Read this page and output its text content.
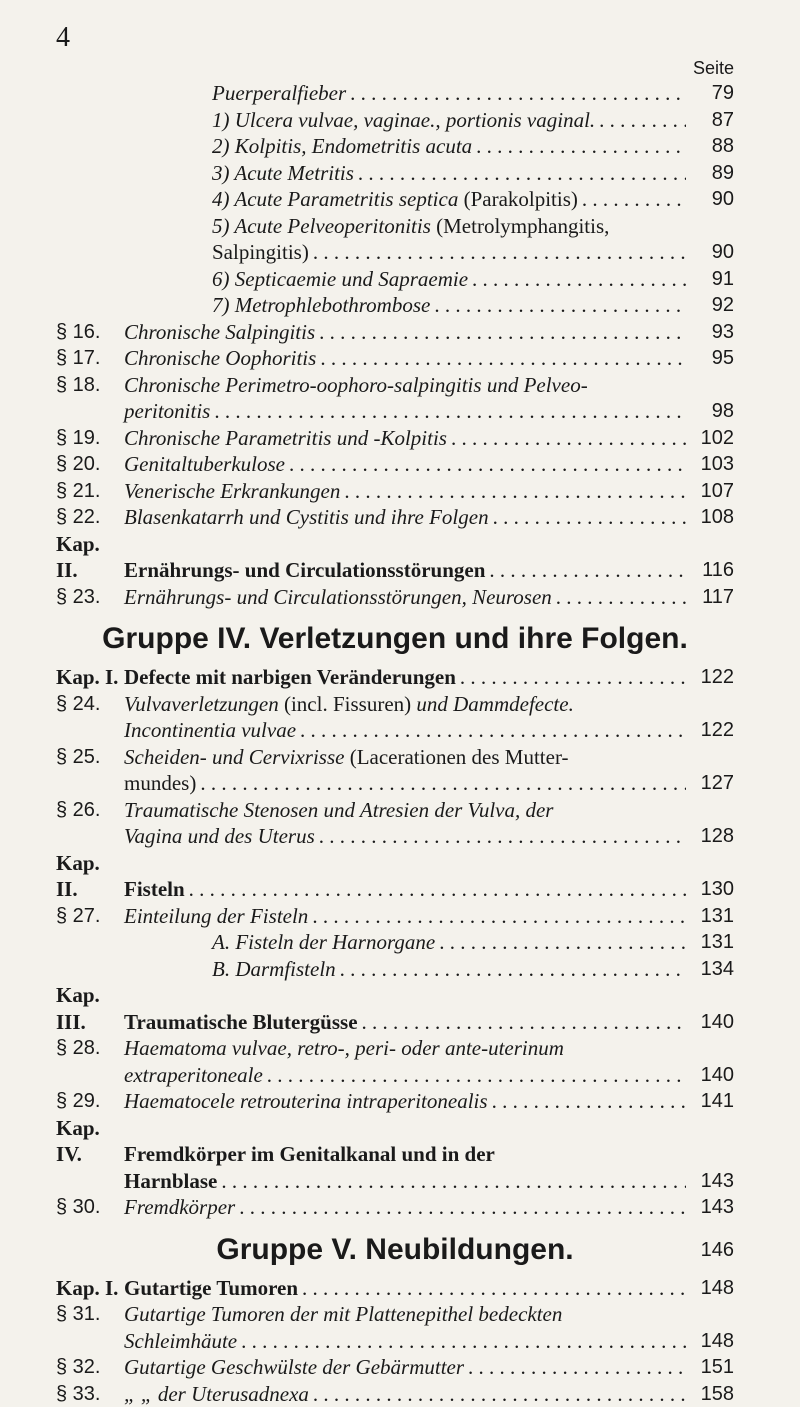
4
Seite
Puerperalfieber . . .	79
1) Ulcera vulvae, vaginae., portionis vaginal. . . .	87
2) Kolpitis, Endometritis acuta . . .	88
3) Acute Metritis . . .	89
4) Acute Parametritis septica (Parakolpitis) . . .	90
5) Acute Pelveoperitonitis (Metrolymphangitis,
Salpingitis) . . .	90
6) Septicaemie und Sapraemie . . .	91
7) Metrophlebothrombose . . .	92
§ 16.	Chronische Salpingitis . . .	93
§ 17.	Chronische Oophoritis . . .	95
§ 18.	Chronische Perimetro-oophoro-salpingitis und Pelveo-
peritonitis . . .	98
§ 19.	Chronische Parametritis und -Kolpitis . . .	102
§ 20.	Genitaltuberkulose . . .	103
§ 21.	Venerische Erkrankungen . . .	107
§ 22.	Blasenkatarrh und Cystitis und ihre Folgen . . .	108
Kap. II.	Ernährungs- und Circulationsstörungen . . .	116
§ 23.	Ernährungs- und Circulationsstörungen, Neurosen . . .	117
Gruppe IV. Verletzungen und ihre Folgen.
Kap. I. Defecte mit narbigen Veränderungen . . .	122
§ 24.	Vulvaverletzungen (incl. Fissuren) und Dammdefecte.
Incontinentia vulvae . . .	122
§ 25.	Scheiden- und Cervixrisse (Lacerationen des Mutter-
mundes) . . .	127
§ 26.	Traumatische Stenosen und Atresien der Vulva, der
Vagina und des Uterus . . .	128
Kap. II.	Fisteln . . .	130
§ 27.	Einteilung der Fisteln . . .	131
A. Fisteln der Harnorgane . . .	131
B. Darmfisteln . . .	134
Kap. III.	Traumatische Blutergüsse . . .	140
§ 28.	Haematoma vulvae, retro-, peri- oder ante-uterinum
extraperitoneale . . .	140
§ 29.	Haematocele retrouterina intraperitonealis . . .	141
Kap. IV.	Fremdkörper im Genitalkanal und in der
Harnblase . . .	143
§ 30.	Fremdkörper . . .	143
Gruppe V. Neubildungen.	146
Kap. I. Gutartige Tumoren . . .	148
§ 31.	Gutartige Tumoren der mit Plattenepithel bedeckten
Schleimhäute . . .	148
§ 32.	Gutartige Geschwülste der Gebärmutter . . .	151
§ 33.	„ „ der Uterusadnexa . . .	158
